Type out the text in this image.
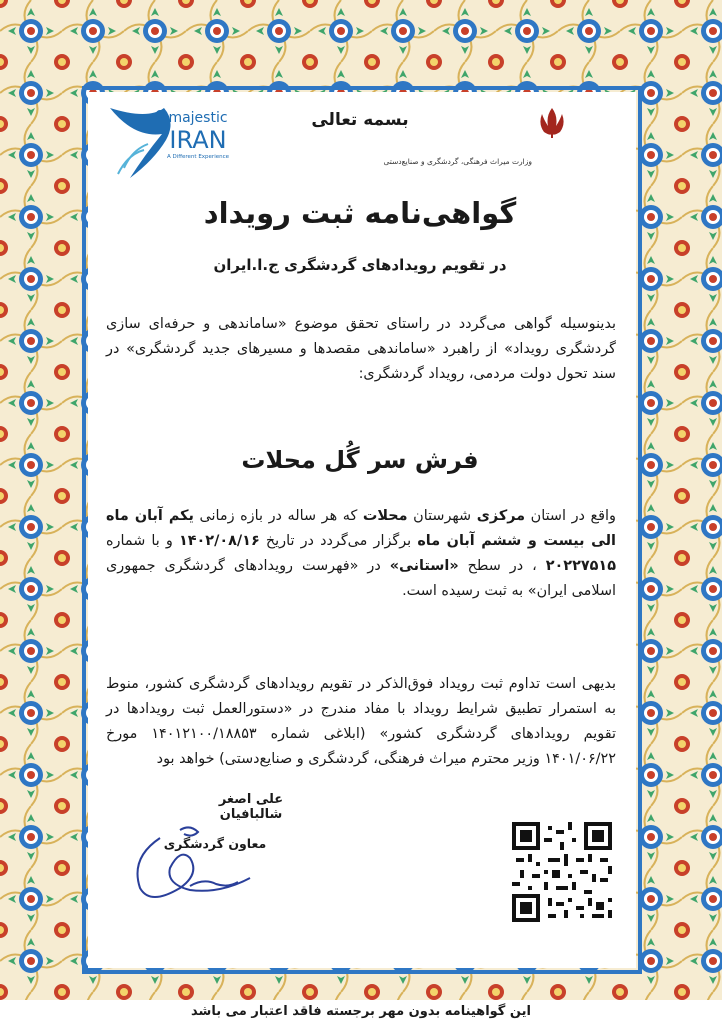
majestic
IRAN
A Different Experience	وزارت میراث فرهنگی، گردشگری و صنایع‌دستی
بسمه تعالی
گواهی‌نامه ثبت رویداد
در تقویم رویدادهای گردشگری ج.ا.ایران
بدینوسیله گواهی می‌گردد در راستای تحقق موضوع «ساماندهی و حرفه‌ای سازی گردشگری رویداد» از راهبرد «ساماندهی مقصدها و مسیرهای جدید گردشگری» در سند تحول دولت مردمی، رویداد گردشگری:
فرش سر گُل محلات
واقع در استان مرکزی شهرستان محلات که هر ساله در بازه زمانی یکم آبان ماه الی بیست و ششم آبان ماه برگزار می‌گردد در تاریخ ۱۴۰۲/۰۸/۱۶ و با شماره ۲۰۲۲۷۵۱۵ ، در سطح «استانی» در «فهرست رویدادهای گردشگری جمهوری اسلامی ایران» به ثبت رسیده است.
بدیهی است تداوم ثبت رویداد فوق‌الذکر در تقویم رویدادهای گردشگری کشور، منوط به استمرار تطبیق شرایط رویداد با مفاد مندرج در «دستورالعمل ثبت رویدادها در تقویم رویدادهای گردشگری کشور» (ابلاغی شماره ۱۴۰۱۲۱۰۰/۱۸۸۵۳ مورخ ۱۴۰۱/۰۶/۲۲ وزیر محترم میراث فرهنگی، گردشگری و صنایع‌دستی) خواهد بود
علی اصغر شالبافیان
معاون گردشگری
این گواهینامه بدون مهر برجسته فاقد اعتبار می باشد
